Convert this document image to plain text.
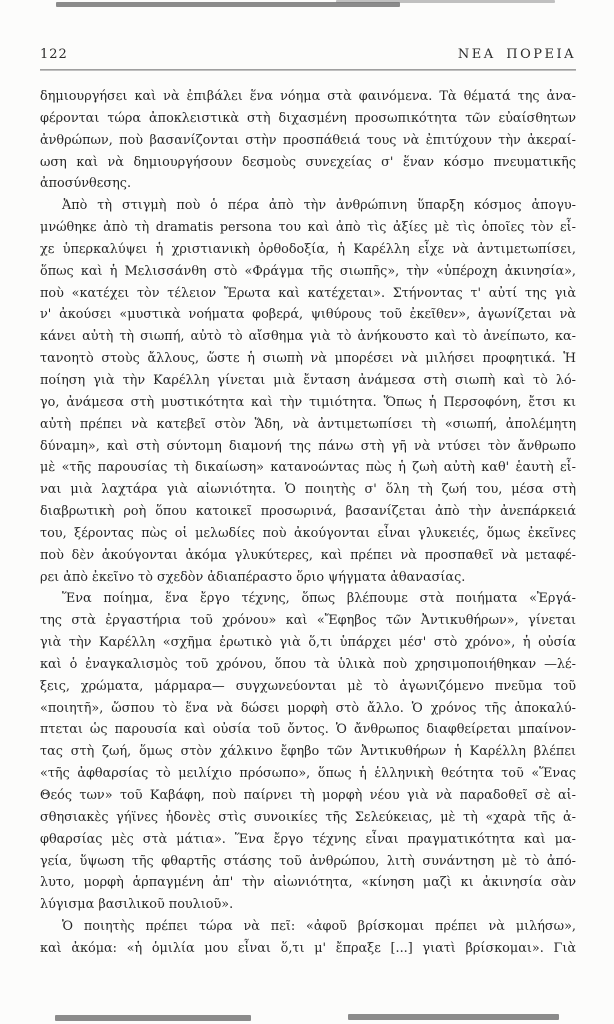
122	ΝΕΑ ΠΟΡΕΙΑ
δημιουργήσει καὶ νὰ ἐπιβάλει ἕνα νόημα στὰ φαινόμενα. Τὰ θέματά της ἀνα-
φέρονται τώρα ἀποκλειστικὰ στὴ διχασμένη προσωπικότητα τῶν εὐαίσθητων
ἀνθρώπων, ποὺ βασανίζονται στὴν προσπάθειά τους νὰ ἐπιτύχουν τὴν ἀκεραί-
ωση καὶ νὰ δημιουργήσουν δεσμοὺς συνεχείας σ' ἕναν κόσμο πνευματικῆς
ἀποσύνθεσης.
Ἀπὸ τὴ στιγμὴ ποὺ ὁ πέρα ἀπὸ τὴν ἀνθρώπινη ὕπαρξη κόσμος ἀπογυ-
μνώθηκε ἀπὸ τὴ dramatis persona του καὶ ἀπὸ τὶς ἀξίες μὲ τὶς ὁποῖες τὸν εἶ-
χε ὑπερκαλύψει ἡ χριστιανικὴ ὀρθοδοξία, ἡ Καρέλλη εἶχε νὰ ἀντιμετωπίσει,
ὅπως καὶ ἡ Μελισσάνθη στὸ «Φράγμα τῆς σιωπῆς», τὴν «ὑπέροχη ἀκινησία»,
ποὺ «κατέχει τὸν τέλειον Ἔρωτα καὶ κατέχεται». Στήνοντας τ' αὐτί της γιὰ
ν' ἀκούσει «μυστικὰ νοήματα φοβερά, ψιθύρους τοῦ ἐκεῖθεν», ἀγωνίζεται νὰ
κάνει αὐτὴ τὴ σιωπή, αὐτὸ τὸ αἴσθημα γιὰ τὸ ἀνήκουστο καὶ τὸ ἀνείπωτο, κα-
τανοητὸ στοὺς ἄλλους, ὥστε ἡ σιωπὴ νὰ μπορέσει νὰ μιλήσει προφητικά. Ἡ
ποίηση γιὰ τὴν Καρέλλη γίνεται μιὰ ἔνταση ἀνάμεσα στὴ σιωπὴ καὶ τὸ λό-
γο, ἀνάμεσα στὴ μυστικότητα καὶ τὴν τιμιότητα. Ὅπως ἡ Περσοφόνη, ἔτσι κι
αὐτὴ πρέπει νὰ κατεβεῖ στὸν Ἅδη, νὰ ἀντιμετωπίσει τὴ «σιωπή, ἀπολέμητη
δύναμη», καὶ στὴ σύντομη διαμονή της πάνω στὴ γῆ νὰ ντύσει τὸν ἄνθρωπο
μὲ «τῆς παρουσίας τὴ δικαίωση» κατανοώντας πὼς ἡ ζωὴ αὐτὴ καθ' ἑαυτὴ εἶ-
ναι μιὰ λαχτάρα γιὰ αἰωνιότητα. Ὁ ποιητὴς σ' ὅλη τὴ ζωή του, μέσα στὴ
διαβρωτικὴ ροὴ ὅπου κατοικεῖ προσωρινά, βασανίζεται ἀπὸ τὴν ἀνεπάρκειά
του, ξέροντας πὼς οἱ μελωδίες ποὺ ἀκούγονται εἶναι γλυκειές, ὅμως ἐκεῖνες
ποὺ δὲν ἀκούγονται ἀκόμα γλυκύτερες, καὶ πρέπει νὰ προσπαθεῖ νὰ μεταφέ-
ρει ἀπὸ ἐκεῖνο τὸ σχεδὸν ἀδιαπέραστο ὅριο ψήγματα ἀθανασίας.
Ἕνα ποίημα, ἕνα ἔργο τέχνης, ὅπως βλέπουμε στὰ ποιήματα «Ἐργά-
της στὰ ἐργαστήρια τοῦ χρόνου» καὶ «Ἔφηβος τῶν Ἀντικυθήρων», γίνεται
γιὰ τὴν Καρέλλη «σχῆμα ἐρωτικὸ γιὰ ὅ,τι ὑπάρχει μέσ' στὸ χρόνο», ἡ οὐσία
καὶ ὁ ἐναγκαλισμὸς τοῦ χρόνου, ὅπου τὰ ὑλικὰ ποὺ χρησιμοποιήθηκαν —λέ-
ξεις, χρώματα, μάρμαρα— συγχωνεύονται μὲ τὸ ἀγωνιζόμενο πνεῦμα τοῦ
«ποιητῆ», ὥσπου τὸ ἕνα νὰ δώσει μορφὴ στὸ ἄλλο. Ὁ χρόνος τῆς ἀποκαλύ-
πτεται ὡς παρουσία καὶ οὐσία τοῦ ὄντος. Ὁ ἄνθρωπος διαφθείρεται μπαίνον-
τας στὴ ζωή, ὅμως στὸν χάλκινο ἔφηβο τῶν Ἀντικυθήρων ἡ Καρέλλη βλέπει
«τῆς ἀφθαρσίας τὸ μειλίχιο πρόσωπο», ὅπως ἡ ἑλληνικὴ θεότητα τοῦ «Ἕνας
Θεός των» τοῦ Καβάφη, ποὺ παίρνει τὴ μορφὴ νέου γιὰ νὰ παραδοθεῖ σὲ αἰ-
σθησιακὲς γήϊνες ἡδονὲς στὶς συνοικίες τῆς Σελεύκειας, μὲ τὴ «χαρὰ τῆς ἀ-
φθαρσίας μὲς στὰ μάτια». Ἕνα ἔργο τέχνης εἶναι πραγματικότητα καὶ μα-
γεία, ὕψωση τῆς φθαρτῆς στάσης τοῦ ἀνθρώπου, λιτὴ συνάντηση μὲ τὸ ἀπό-
λυτο, μορφὴ ἁρπαγμένη ἀπ' τὴν αἰωνιότητα, «κίνηση μαζὶ κι ἀκινησία σὰν
λύγισμα βασιλικοῦ πουλιοῦ».
Ὁ ποιητὴς πρέπει τώρα νὰ πεῖ: «ἀφοῦ βρίσκομαι πρέπει νὰ μιλήσω»,
καὶ ἀκόμα: «ἡ ὁμιλία μου εἶναι ὅ,τι μ' ἔπραξε [...] γιατὶ βρίσκομαι». Γιὰ
